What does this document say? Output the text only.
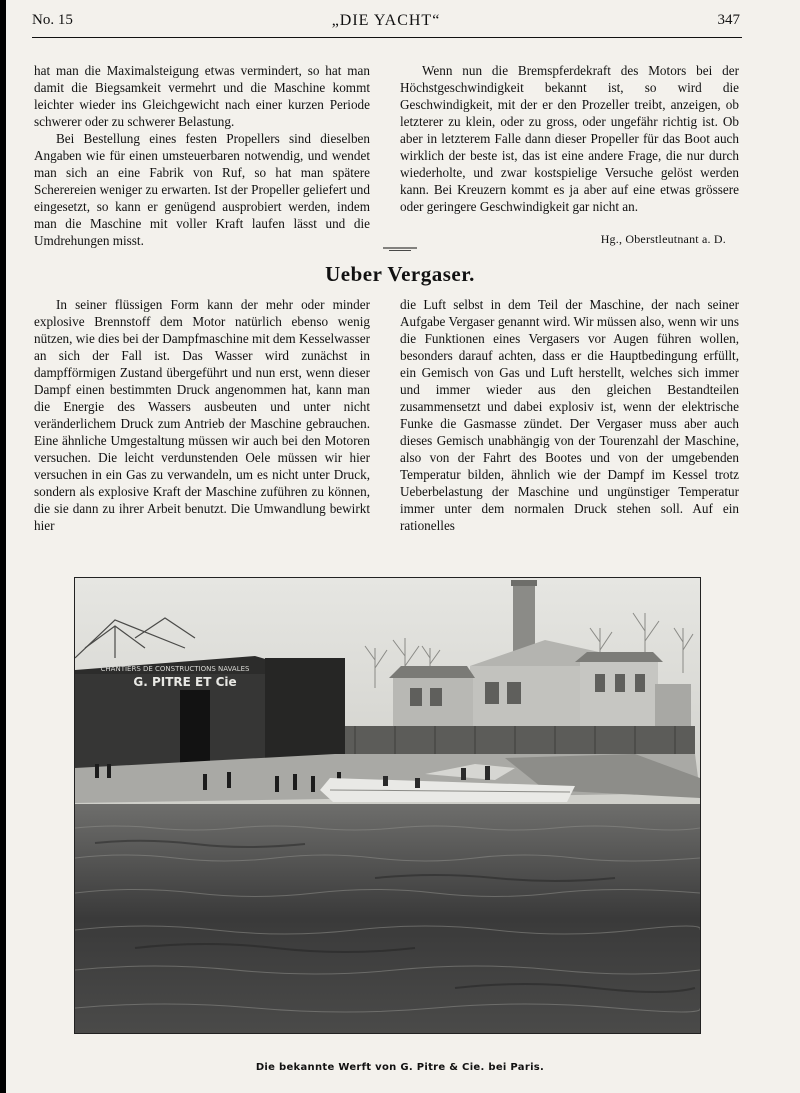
No. 15	„DIE YACHT“	347

hat man die Maximalsteigung etwas vermindert, so hat man damit die Biegsamkeit vermehrt und die Maschine kommt leichter wieder ins Gleichgewicht nach einer kurzen Periode schwerer oder zu schwerer Belastung.

Bei Bestellung eines festen Propellers sind dieselben Angaben wie für einen umsteuerbaren notwendig, und wendet man sich an eine Fabrik von Ruf, so hat man spätere Scherereien weniger zu erwarten. Ist der Propeller geliefert und eingesetzt, so kann er genügend ausprobiert werden, indem man die Maschine mit voller Kraft laufen lässt und die Umdrehungen misst.

Wenn nun die Bremspferdekraft des Motors bei der Höchstgeschwindigkeit bekannt ist, so wird die Geschwindigkeit, mit der er den Prozeller treibt, anzeigen, ob letzterer zu klein, oder zu gross, oder ungefähr richtig ist. Ob aber in letzterem Falle dann dieser Propeller für das Boot auch wirklich der beste ist, das ist eine andere Frage, die nur durch wiederholte, und zwar kostspielige Versuche gelöst werden kann. Bei Kreuzern kommt es ja aber auf eine etwas grössere oder geringere Geschwindigkeit gar nicht an.

Hg., Oberstleutnant a. D.
Ueber Vergaser.

In seiner flüssigen Form kann der mehr oder minder explosive Brennstoff dem Motor natürlich ebenso wenig nützen, wie dies bei der Dampfmaschine mit dem Kesselwasser an sich der Fall ist. Das Wasser wird zunächst in dampfförmigen Zustand übergeführt und nun erst, wenn dieser Dampf einen bestimmten Druck angenommen hat, kann man die Energie des Wassers ausbeuten und unter nicht veränderlichem Druck zum Antrieb der Maschine gebrauchen. Eine ähnliche Umgestaltung müssen wir auch bei den Motoren versuchen. Die leicht verdunstenden Oele müssen wir hier versuchen in ein Gas zu verwandeln, um es nicht unter Druck, sondern als explosive Kraft der Maschine zuführen zu können, die sie dann zu ihrer Arbeit benutzt. Die Umwandlung bewirkt hier

die Luft selbst in dem Teil der Maschine, der nach seiner Aufgabe Vergaser genannt wird. Wir müssen also, wenn wir uns die Funktionen eines Vergasers vor Augen führen wollen, besonders darauf achten, dass er die Hauptbedingung erfüllt, ein Gemisch von Gas und Luft herstellt, welches sich immer und immer wieder aus den gleichen Bestandteilen zusammensetzt und dabei explosiv ist, wenn der elektrische Funke die Gasmasse zündet. Der Vergaser muss aber auch dieses Gemisch unabhängig von der Tourenzahl der Maschine, also von der Fahrt des Bootes und von der umgebenden Temperatur bilden, ähnlich wie der Dampf im Kessel trotz Ueberbelastung der Maschine und ungünstiger Temperatur immer unter dem normalen Druck stehen soll. Auf ein rationelles

CHANTIERS DE CONSTRUCTIONS NAVALES
G. PITRE ET Cie
Die bekannte Werft von G. Pitre & Cie. bei Paris.
